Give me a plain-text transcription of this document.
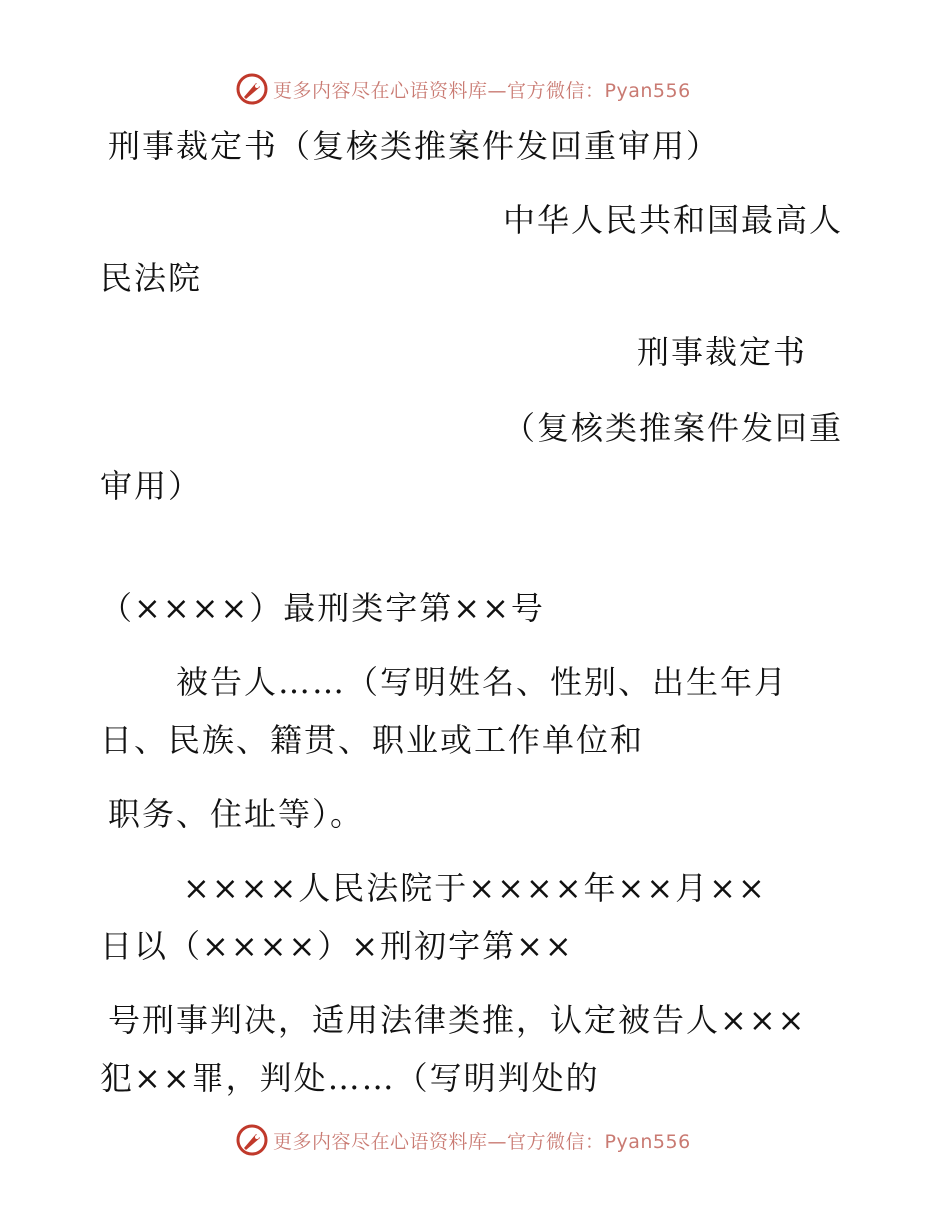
更多内容尽在心语资料库—官方微信：Pyan556
刑事裁定书（复核类推案件发回重审用）
中华人民共和国最高人
民法院
刑事裁定书
（复核类推案件发回重
审用）
（××××）最刑类字第××号
被告人……（写明姓名、性别、出生年月
日、民族、籍贯、职业或工作单位和
职务、住址等）。
××××人民法院于××××年××月××
日以（××××）×刑初字第××
号刑事判决，适用法律类推，认定被告人×××
犯××罪，判处……（写明判处的
更多内容尽在心语资料库—官方微信：Pyan556
